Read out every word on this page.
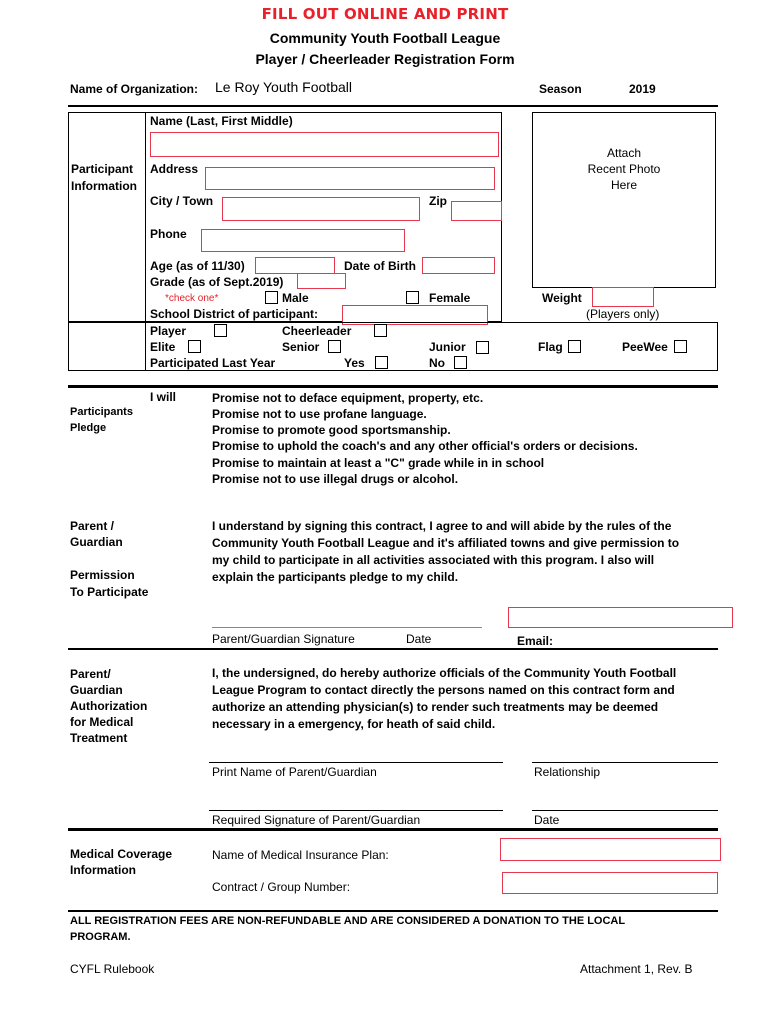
FILL OUT ONLINE AND PRINT
Community Youth Football League
Player / Cheerleader Registration Form
Name of Organization: Le Roy Youth Football	Season	2019
Participant
Information
Name (Last, First Middle)
Address
City / Town	Zip
Phone
Age (as of 11/30)	Date of Birth
Grade (as of Sept.2019)
*check one*	Male	Female
School District of participant:
Attach
Recent Photo
Here
Weight
(Players only)
Player	Cheerleader
Elite	Senior	Junior	Flag	PeeWee
Participated Last Year	Yes	No
Participants
Pledge
I will	Promise not to deface equipment, property, etc.
Promise not to use profane language.
Promise to promote good sportsmanship.
Promise to uphold the coach's and any other official's orders or decisions.
Promise to maintain at least a "C" grade while in in school
Promise not to use illegal drugs or alcohol.
Parent /
Guardian
Permission
To Participate
I understand by signing this contract, I agree to and will abide by the rules of the
Community Youth Football League and it's affiliated towns and give permission to
my child to participate in all activities associated with this program. I also will
explain the participants pledge to my child.
Parent/Guardian Signature	Date	Email:
Parent/
Guardian
Authorization
for Medical
Treatment
I, the undersigned, do hereby authorize officials of the Community Youth Football
League Program to contact directly the persons named on this contract form and
authorize an attending physician(s) to render such treatments may be deemed
necessary in a emergency, for heath of said child.
Print Name of Parent/Guardian	Relationship
Required Signature of Parent/Guardian	Date
Medical Coverage
Information
Name of Medical Insurance Plan:
Contract / Group Number:
ALL REGISTRATION FEES ARE NON-REFUNDABLE AND ARE CONSIDERED A DONATION TO THE LOCAL
PROGRAM.
CYFL Rulebook	Attachment 1, Rev. B
